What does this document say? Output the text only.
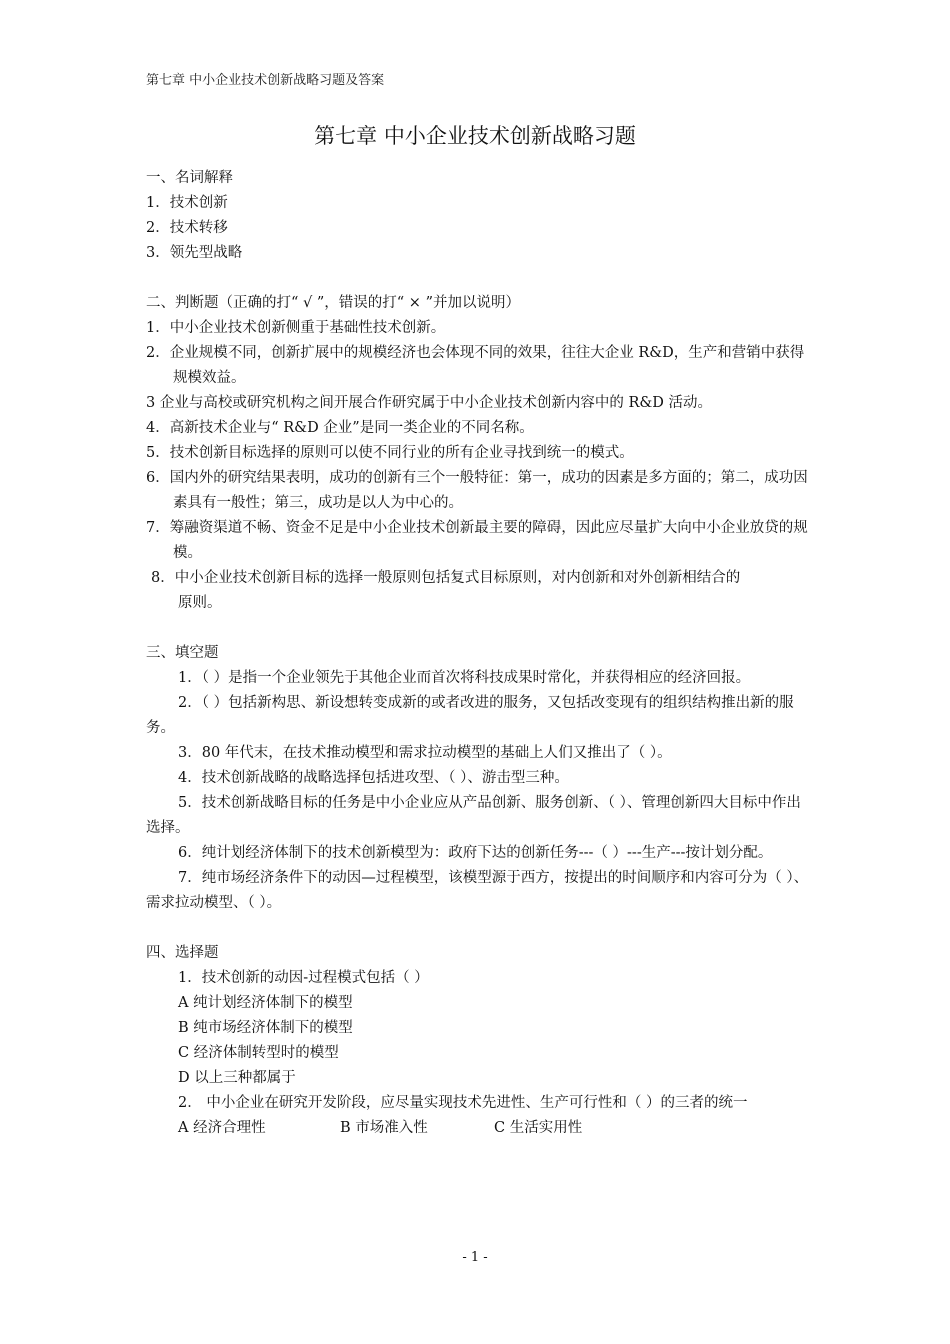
第七章 中小企业技术创新战略习题及答案
第七章 中小企业技术创新战略习题

一、名词解释

1．技术创新

2．技术转移

3．领先型战略

二、判断题（正确的打“ √ ”，错误的打“ × ”并加以说明）

1．中小企业技术创新侧重于基础性技术创新。

2．企业规模不同，创新扩展中的规模经济也会体现不同的效果，往往大企业 R&D，生产和营销中获得规模效益。

3 企业与高校或研究机构之间开展合作研究属于中小企业技术创新内容中的 R&D 活动。

4．高新技术企业与“ R&D 企业”是同一类企业的不同名称。

5．技术创新目标选择的原则可以使不同行业的所有企业寻找到统一的模式。

6．国内外的研究结果表明，成功的创新有三个一般特征：第一，成功的因素是多方面的；第二，成功因素具有一般性；第三，成功是以人为中心的。

7．筹融资渠道不畅、资金不足是中小企业技术创新最主要的障碍，因此应尽量扩大向中小企业放贷的规模。

8．中小企业技术创新目标的选择一般原则包括复式目标原则，对内创新和对外创新相结合的原则。

三、填空题

1．（ ）是指一个企业领先于其他企业而首次将科技成果时常化，并获得相应的经济回报。

2．（ ）包括新构思、新设想转变成新的或者改进的服务，又包括改变现有的组织结构推出新的服务。

3．80 年代末，在技术推动模型和需求拉动模型的基础上人们又推出了（ ）。

4．技术创新战略的战略选择包括进攻型、（ ）、游击型三种。

5．技术创新战略目标的任务是中小企业应从产品创新、服务创新、（ ）、管理创新四大目标中作出选择。

6．纯计划经济体制下的技术创新模型为：政府下达的创新任务---（ ）---生产---按计划分配。

7．纯市场经济条件下的动因—过程模型，该模型源于西方，按提出的时间顺序和内容可分为（ ）、需求拉动模型、（ ）。

四、选择题

1．技术创新的动因-过程模式包括（ ）

A 纯计划经济体制下的模型

B 纯市场经济体制下的模型

C 经济体制转型时的模型

D 以上三种都属于

2． 中小企业在研究开发阶段，应尽量实现技术先进性、生产可行性和（ ）的三者的统一

A 经济合理性	B 市场准入性	C 生活实用性
- 1 -
